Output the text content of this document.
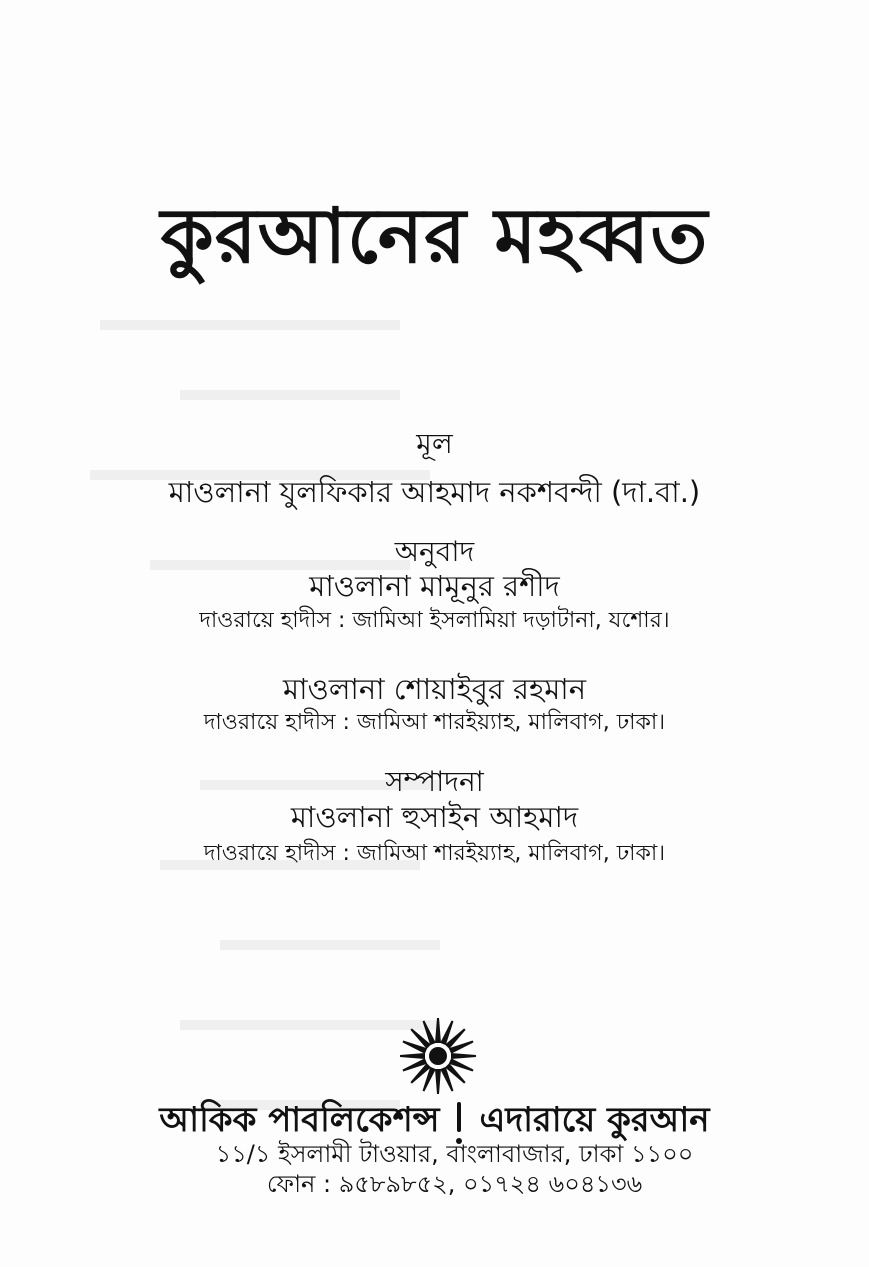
কুরআনের মহব্বত
মূল
মাওলানা যুলফিকার আহমাদ নকশবন্দী (দা.বা.)
অনুবাদ
মাওলানা মামূনুর রশীদ
দাওরায়ে হাদীস : জামিআ ইসলামিয়া দড়াটানা, যশোর।
মাওলানা শোয়াইবুর রহমান
দাওরায়ে হাদীস : জামিআ শারইয়্যাহ, মালিবাগ, ঢাকা।
সম্পাদনা
মাওলানা হুসাইন আহমাদ
দাওরায়ে হাদীস : জামিআ শারইয়্যাহ, মালিবাগ, ঢাকা।
আকিক পাবলিকেশন্স এদারায়ে কুরআন
১১/১ ইসলামী টাওয়ার, বাংলাবাজার, ঢাকা ১১০০
ফোন : ৯৫৮৯৮৫২, ০১৭২৪ ৬০৪১৩৬
